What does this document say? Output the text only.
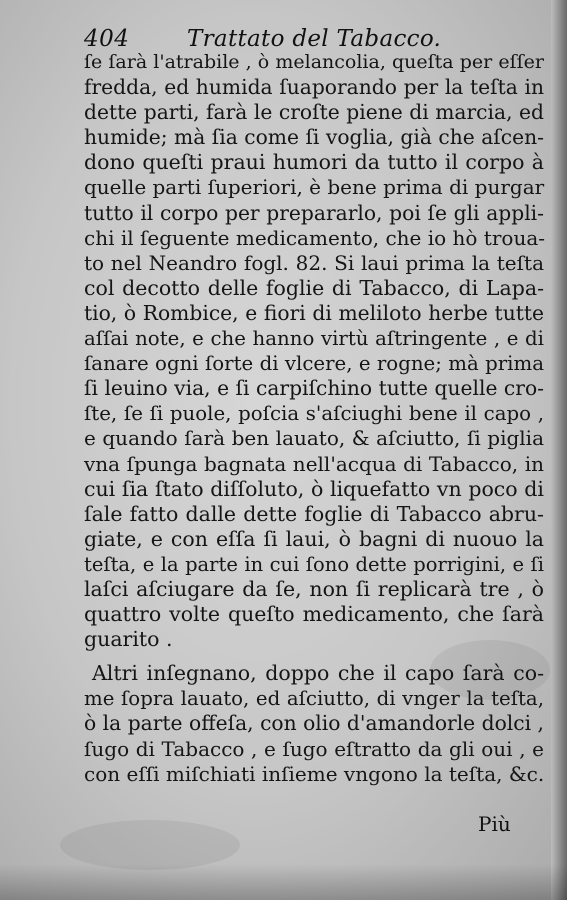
404	Trattato del Tabacco.
ſe ſarà l'atrabile , ò melancolia, queſta per eſſer
fredda, ed humida ſuaporando per la teſta in
dette parti, farà le croſte piene di marcia, ed
humide; mà ſia come ſi voglia, già che aſcen-
dono queſti praui humori da tutto il corpo à
quelle parti ſuperiori, è bene prima di purgar
tutto il corpo per prepararlo, poi ſe gli appli-
chi il ſeguente medicamento, che io hò trouа-
to nel Neandro fogl. 82. Si laui prima la teſta
col decotto delle foglie di Tabacco, di Lapa-
tio, ò Rombice, e fiori di meliloto herbe tutte
aſſai note, e che hanno virtù aſtringente , e di
ſanare ogni ſorte di vlcere, e rogne; mà prima
ſi leuino via, e ſi carpiſchino tutte quelle cro-
ſte, ſe ſi puole, poſcia s'aſciughi bene il capo ,
e quando ſarà ben lauato, & aſciutto, ſi piglia
vna ſpunga bagnata nell'acqua di Tabacco, in
cui ſia ſtato diſſoluto, ò liquefatto vn poco di
ſale fatto dalle dette foglie di Tabacco abru-
giate, e con eſſa ſi laui, ò bagni di nuouo la
teſta, e la parte in cui ſono dette porrigini, e ſi
laſci aſciugare da ſe, non ſi replicarà tre , ò
quattro volte queſto medicamento, che ſarà
guarito .
Altri inſegnano, doppo che il capo ſarà co-
me ſopra lauato, ed aſciutto, di vnger la teſta,
ò la parte offeſa, con olio d'amandorle dolci ,
ſugo di Tabacco , e ſugo eſtratto da gli oui , e
con eſſi miſchiati inſieme vngono la teſta, &c.
Più
